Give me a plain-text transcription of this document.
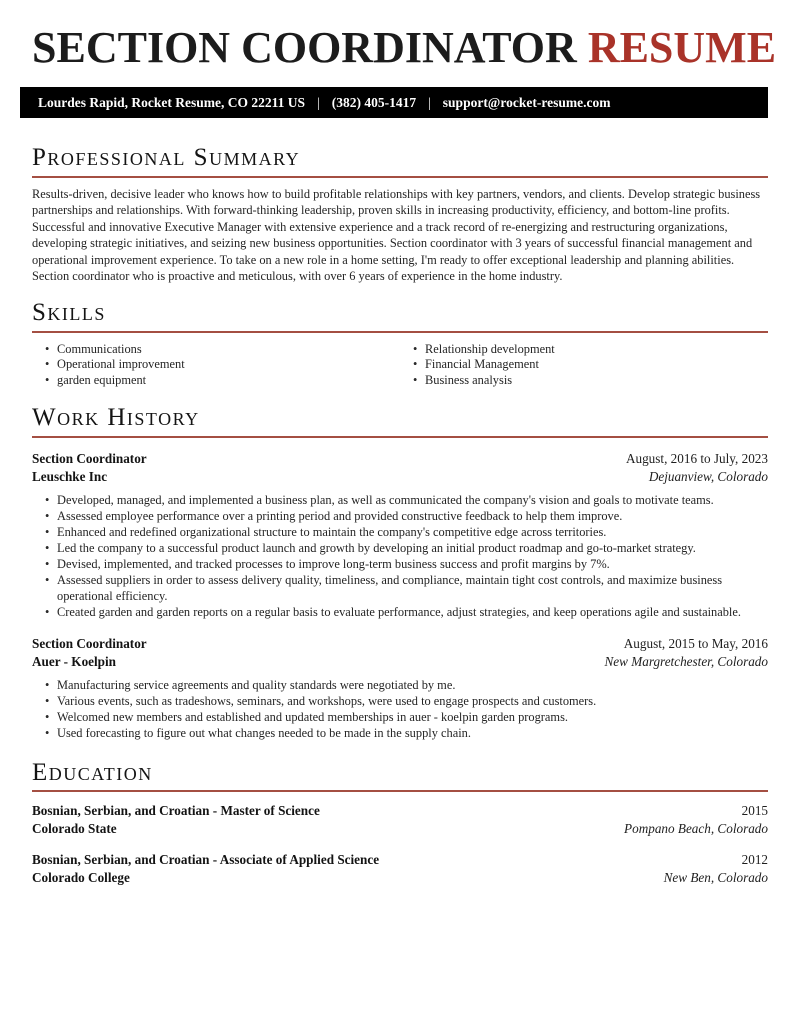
SECTION COORDINATOR RESUME
Lourdes Rapid, Rocket Resume, CO 22211 US | (382) 405-1417 | support@rocket-resume.com
Professional Summary

Results-driven, decisive leader who knows how to build profitable relationships with key partners, vendors, and clients. Develop strategic business partnerships and relationships. With forward-thinking leadership, proven skills in increasing productivity, efficiency, and bottom-line profits. Successful and innovative Executive Manager with extensive experience and a track record of re-energizing and restructuring organizations, developing strategic initiatives, and seizing new business opportunities. Section coordinator with 3 years of successful financial management and operational improvement experience. To take on a new role in a home setting, I'm ready to offer exceptional leadership and planning abilities. Section coordinator who is proactive and meticulous, with over 6 years of experience in the home industry.

Skills
• Communications
• Operational improvement
• garden equipment
• Relationship development
• Financial Management
• Business analysis
Work History
Section Coordinator	August, 2016 to July, 2023
Leuschke Inc	Dejuanview, Colorado
• Developed, managed, and implemented a business plan, as well as communicated the company's vision and goals to motivate teams.
• Assessed employee performance over a printing period and provided constructive feedback to help them improve.
• Enhanced and redefined organizational structure to maintain the company's competitive edge across territories.
• Led the company to a successful product launch and growth by developing an initial product roadmap and go-to-market strategy.
• Devised, implemented, and tracked processes to improve long-term business success and profit margins by 7%.
• Assessed suppliers in order to assess delivery quality, timeliness, and compliance, maintain tight cost controls, and maximize business operational efficiency.
• Created garden and garden reports on a regular basis to evaluate performance, adjust strategies, and keep operations agile and sustainable.
Section Coordinator	August, 2015 to May, 2016
Auer - Koelpin	New Margretchester, Colorado
• Manufacturing service agreements and quality standards were negotiated by me.
• Various events, such as tradeshows, seminars, and workshops, were used to engage prospects and customers.
• Welcomed new members and established and updated memberships in auer - koelpin garden programs.
• Used forecasting to figure out what changes needed to be made in the supply chain.
Education
Bosnian, Serbian, and Croatian - Master of Science	2015
Colorado State	Pompano Beach, Colorado
Bosnian, Serbian, and Croatian - Associate of Applied Science	2012
Colorado College	New Ben, Colorado
